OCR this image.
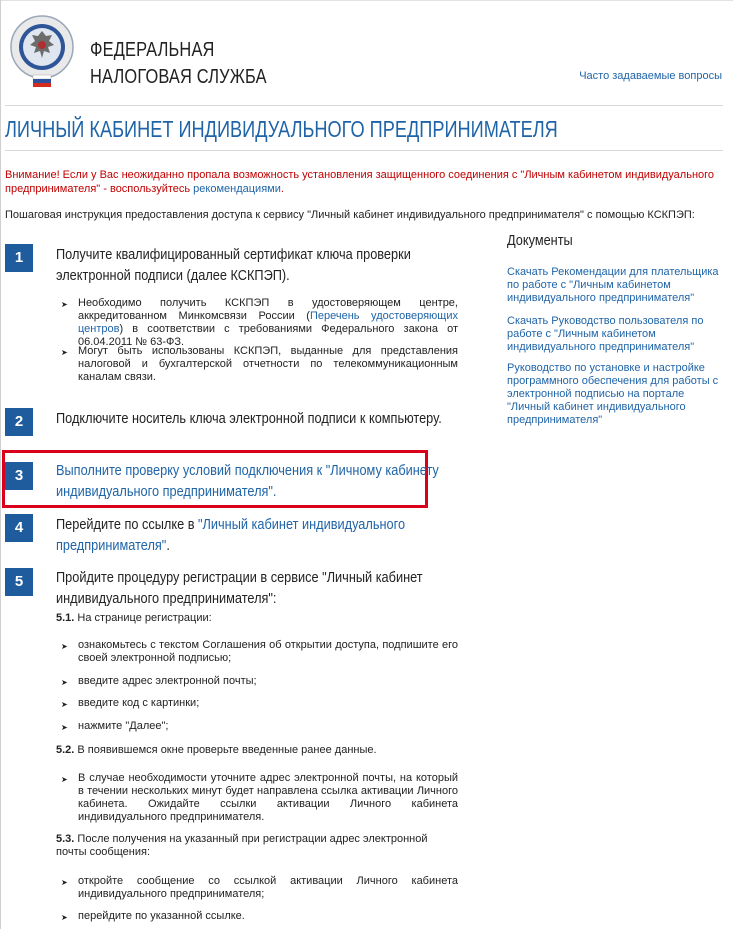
ФЕДЕРАЛЬНАЯ
НАЛОГОВАЯ СЛУЖБА	Часто задаваемые вопросы
ЛИЧНЫЙ КАБИНЕТ ИНДИВИДУАЛЬНОГО ПРЕДПРИНИМАТЕЛЯ
Внимание! Если у Вас неожиданно пропала возможность установления защищенного соединения с "Личным кабинетом индивидуального предпринимателя" - воспользуйтесь рекомендациями.
Пошаговая инструкция предоставления доступа к сервису "Личный кабинет индивидуального предпринимателя" с помощью КСКПЭП:
1	Получите квалифицированный сертификат ключа проверки электронной подписи (далее КСКПЭП).
➤ Необходимо получить КСКПЭП в удостоверяющем центре, аккредитованном Минкомсвязи России (Перечень удостоверяющих центров) в соответствии с требованиями Федерального закона от 06.04.2011 № 63-ФЗ.
➤ Могут быть использованы КСКПЭП, выданные для представления налоговой и бухгалтерской отчетности по телекоммуникационным каналам связи.
2	Подключите носитель ключа электронной подписи к компьютеру.
3	Выполните проверку условий подключения к "Личному кабинету индивидуального предпринимателя".
4	Перейдите по ссылке в "Личный кабинет индивидуального предпринимателя".
5	Пройдите процедуру регистрации в сервисе "Личный кабинет индивидуального предпринимателя":
5.1. На странице регистрации:
➤ ознакомьтесь с текстом Соглашения об открытии доступа, подпишите его своей электронной подписью;
➤ введите адрес электронной почты;
➤ введите код с картинки;
➤ нажмите "Далее";
5.2. В появившемся окне проверьте введенные ранее данные.
➤ В случае необходимости уточните адрес электронной почты, на который в течении нескольких минут будет направлена ссылка активации Личного кабинета. Ожидайте ссылки активации Личного кабинета индивидуального предпринимателя.
5.3. После получения на указанный при регистрации адрес электронной почты сообщения:
➤ откройте сообщение со ссылкой активации Личного кабинета индивидуального предпринимателя;
➤ перейдите по указанной ссылке.
Документы
Скачать Рекомендации для плательщика по работе с "Личным кабинетом индивидуального предпринимателя"
Скачать Руководство пользователя по работе с "Личным кабинетом индивидуального предпринимателя"
Руководство по установке и настройке программного обеспечения для работы с электронной подписью на портале "Личный кабинет индивидуального предпринимателя"
